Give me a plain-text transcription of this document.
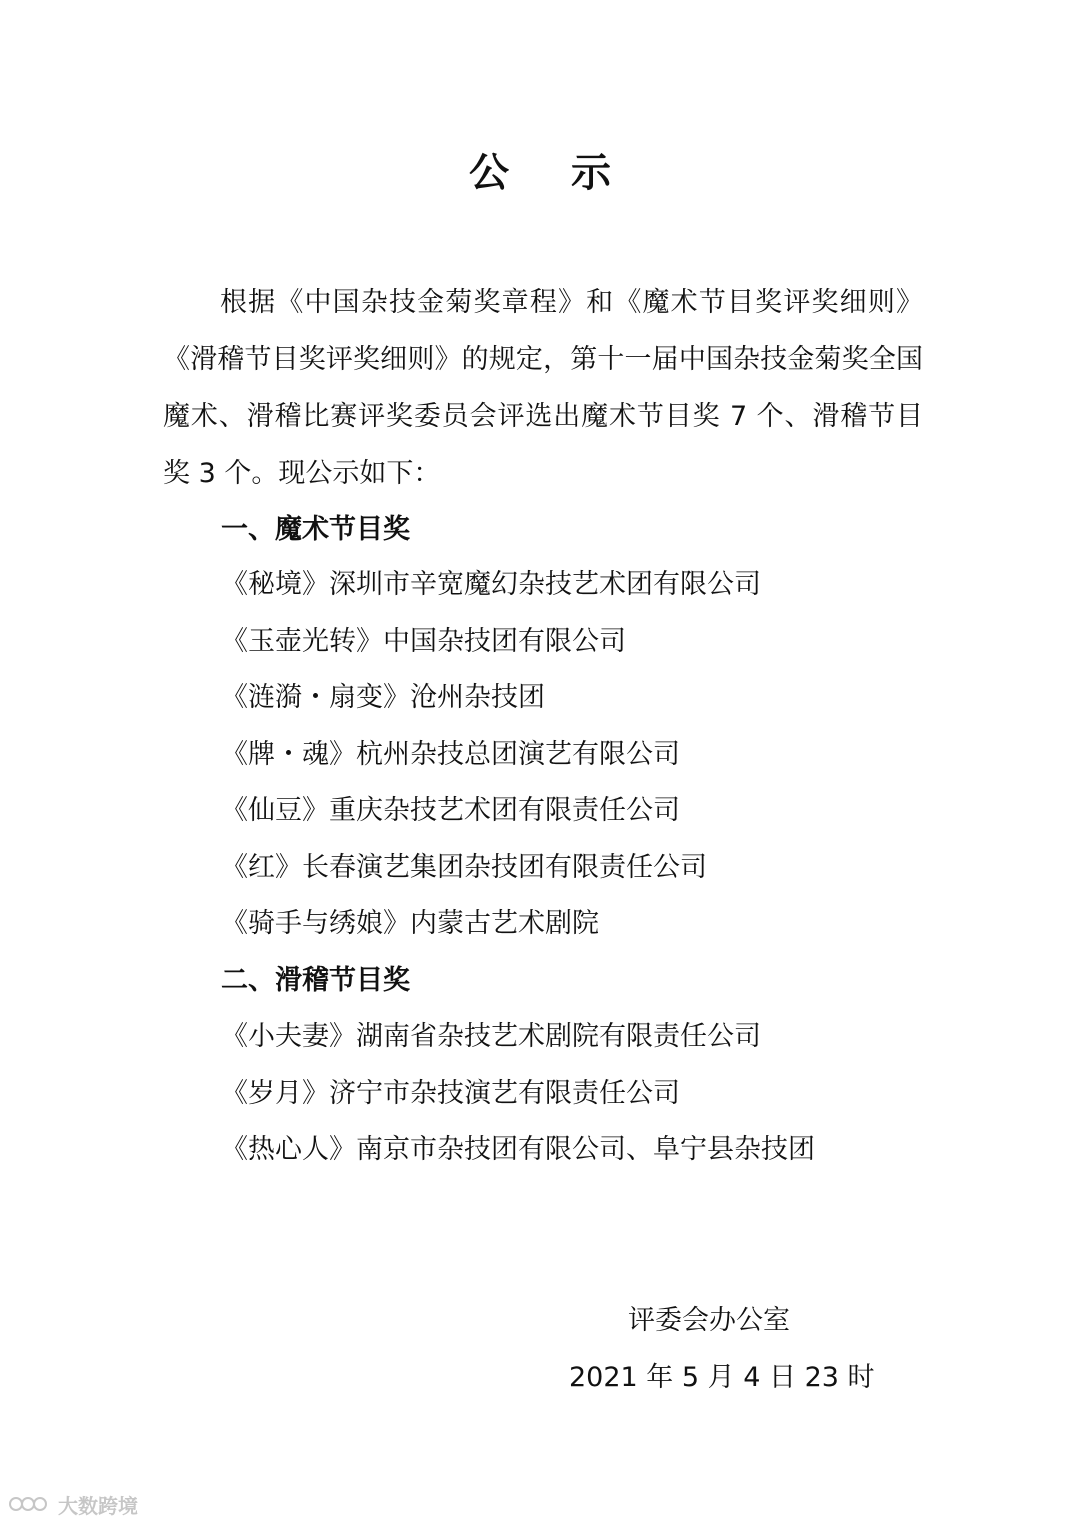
公 示

根据《中国杂技金菊奖章程》和《魔术节目奖评奖细则》《滑稽节目奖评奖细则》的规定，第十一届中国杂技金菊奖全国魔术、滑稽比赛评奖委员会评选出魔术节目奖 7 个、滑稽节目奖 3 个。现公示如下：

一、魔术节目奖

《秘境》深圳市辛宽魔幻杂技艺术团有限公司

《玉壶光转》中国杂技团有限公司

《涟漪・扇变》沧州杂技团

《牌・魂》杭州杂技总团演艺有限公司

《仙豆》重庆杂技艺术团有限责任公司

《红》长春演艺集团杂技团有限责任公司

《骑手与绣娘》内蒙古艺术剧院

二、滑稽节目奖

《小夫妻》湖南省杂技艺术剧院有限责任公司

《岁月》济宁市杂技演艺有限责任公司

《热心人》南京市杂技团有限公司、阜宁县杂技团

评委会办公室
2021 年 5 月 4 日 23 时
大数跨境
